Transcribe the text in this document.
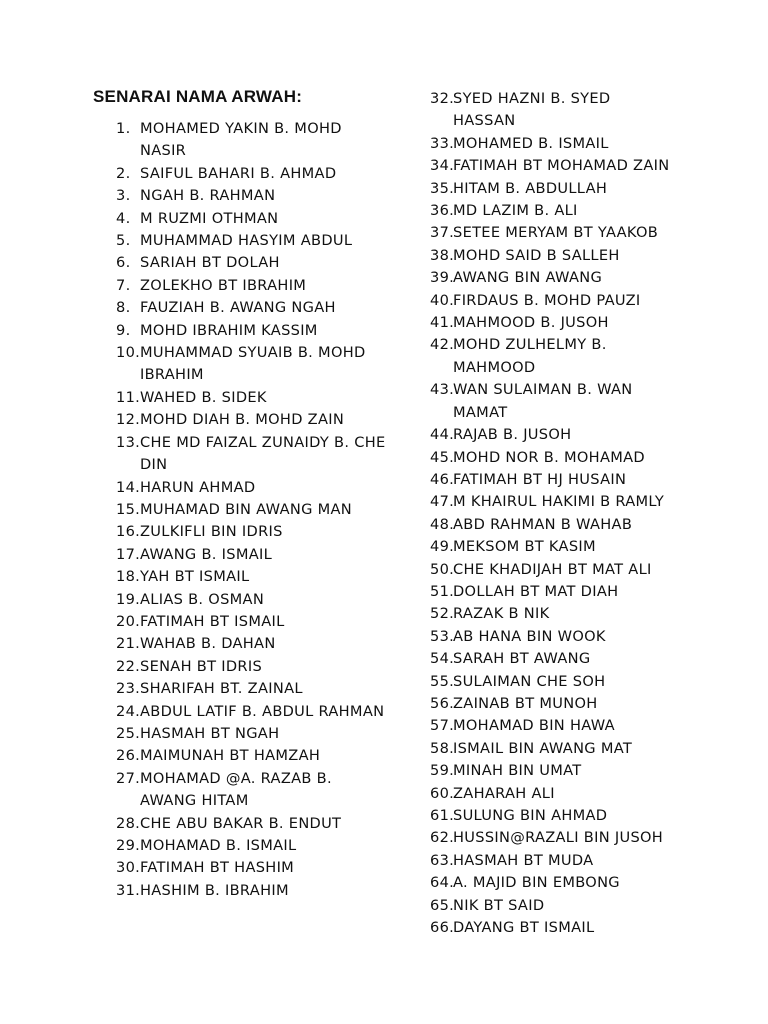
SENARAI NAMA ARWAH:
1. MOHAMED YAKIN B. MOHD NASIR
2. SAIFUL BAHARI B. AHMAD
3. NGAH B. RAHMAN
4. M RUZMI OTHMAN
5. MUHAMMAD HASYIM ABDUL
6. SARIAH BT DOLAH
7. ZOLEKHO BT IBRAHIM
8. FAUZIAH B. AWANG NGAH
9. MOHD IBRAHIM KASSIM
10. MUHAMMAD SYUAIB B. MOHD IBRAHIM
11. WAHED B. SIDEK
12. MOHD DIAH B. MOHD ZAIN
13. CHE MD FAIZAL ZUNAIDY B. CHE DIN
14. HARUN AHMAD
15. MUHAMAD BIN AWANG MAN
16. ZULKIFLI BIN IDRIS
17. AWANG B. ISMAIL
18. YAH BT ISMAIL
19. ALIAS B. OSMAN
20. FATIMAH BT ISMAIL
21. WAHAB B. DAHAN
22. SENAH BT IDRIS
23. SHARIFAH BT. ZAINAL
24. ABDUL LATIF B. ABDUL RAHMAN
25. HASMAH BT NGAH
26. MAIMUNAH BT HAMZAH
27. MOHAMAD @A. RAZAB B. AWANG HITAM
28. CHE ABU BAKAR B. ENDUT
29. MOHAMAD B. ISMAIL
30. FATIMAH BT HASHIM
31. HASHIM B. IBRAHIM
32.
SYED HAZNI B. SYED HASSAN
33.
MOHAMED B. ISMAIL
34.
FATIMAH BT MOHAMAD ZAIN
35.
HITAM B. ABDULLAH
36.
MD LAZIM B. ALI
37.
SETEE MERYAM BT YAAKOB
38.
MOHD SAID B SALLEH
39.
AWANG BIN AWANG
40.
FIRDAUS B. MOHD PAUZI
41.
MAHMOOD B. JUSOH
42.
MOHD ZULHELMY B. MAHMOOD
43.
WAN SULAIMAN B. WAN MAMAT
44.
RAJAB B. JUSOH
45.
MOHD NOR B. MOHAMAD
46.
FATIMAH BT HJ HUSAIN
47.
M KHAIRUL HAKIMI B RAMLY
48.
ABD RAHMAN B WAHAB
49.
MEKSOM BT KASIM
50.
CHE KHADIJAH BT MAT ALI
51.
DOLLAH BT MAT DIAH
52.
RAZAK B NIK
53.
AB HANA BIN WOOK
54.
SARAH BT AWANG
55.
SULAIMAN CHE SOH
56.
ZAINAB BT MUNOH
57.
MOHAMAD BIN HAWA
58.
ISMAIL BIN AWANG MAT
59.
MINAH BIN UMAT
60.
ZAHARAH ALI
61.
SULUNG BIN AHMAD
62.
HUSSIN@RAZALI BIN JUSOH
63.
HASMAH BT MUDA
64.
A. MAJID BIN EMBONG
65.
NIK BT SAID
66.
DAYANG BT ISMAIL
